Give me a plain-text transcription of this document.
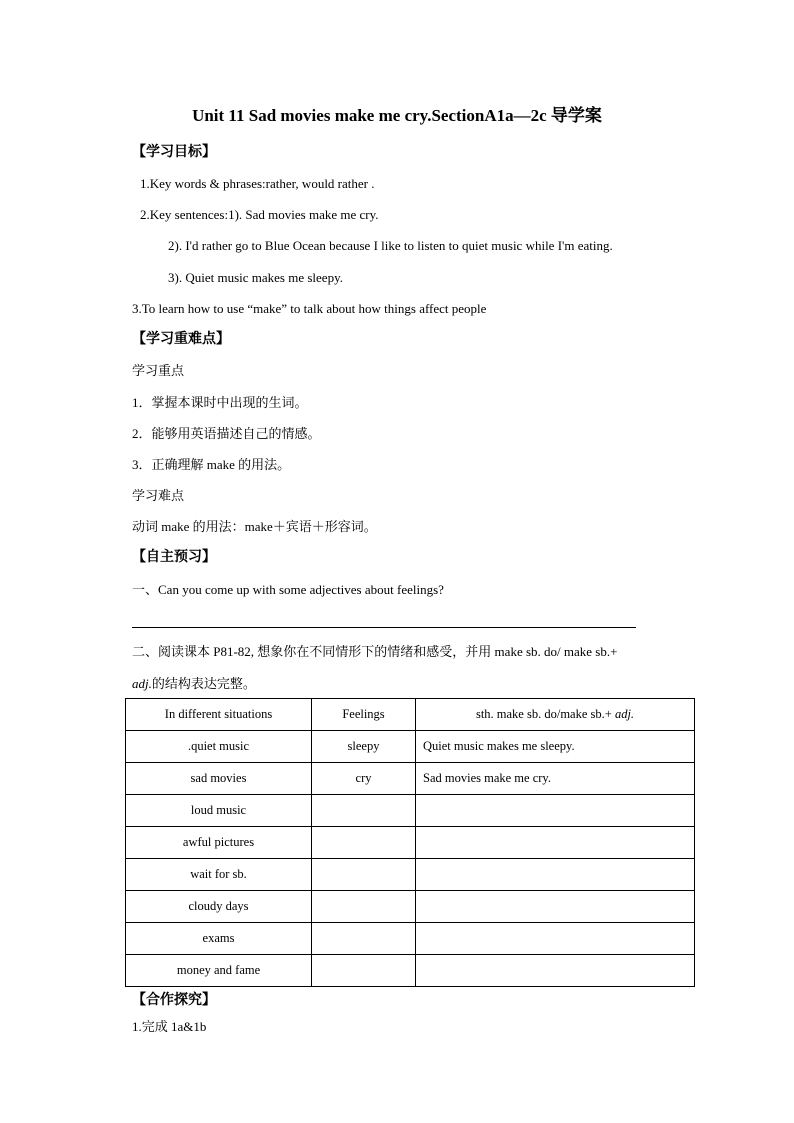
Unit 11 Sad movies make me cry.SectionA1a—2c 导学案
【学习目标】
1.Key words & phrases:rather, would rather .
2.Key sentences:1). Sad movies make me cry.
2). I'd rather go to Blue Ocean because I like to listen to quiet music while I'm eating.
3). Quiet music makes me sleepy.
3.To learn how to use “make” to talk about how things affect people
【学习重难点】
学习重点
1．掌握本课时中出现的生词。
2．能够用英语描述自己的情感。
3．正确理解 make 的用法。
学习难点
动词 make 的用法：make＋宾语＋形容词。
【自主预习】
一、Can you come up with some adjectives about feelings?
二、阅读课本 P81-82, 想象你在不同情形下的情绪和感受，并用 make sb. do/ make sb.+
adj.的结构表达完整。
In different situations	Feelings	sth. make sb. do/make sb.+ adj.
.quiet music	sleepy	Quiet music makes me sleepy.
sad movies	cry	Sad movies make me cry.
loud music		
awful pictures		
wait for sb.		
cloudy days		
exams		
money and fame		
【合作探究】
1.完成 1a&1b
